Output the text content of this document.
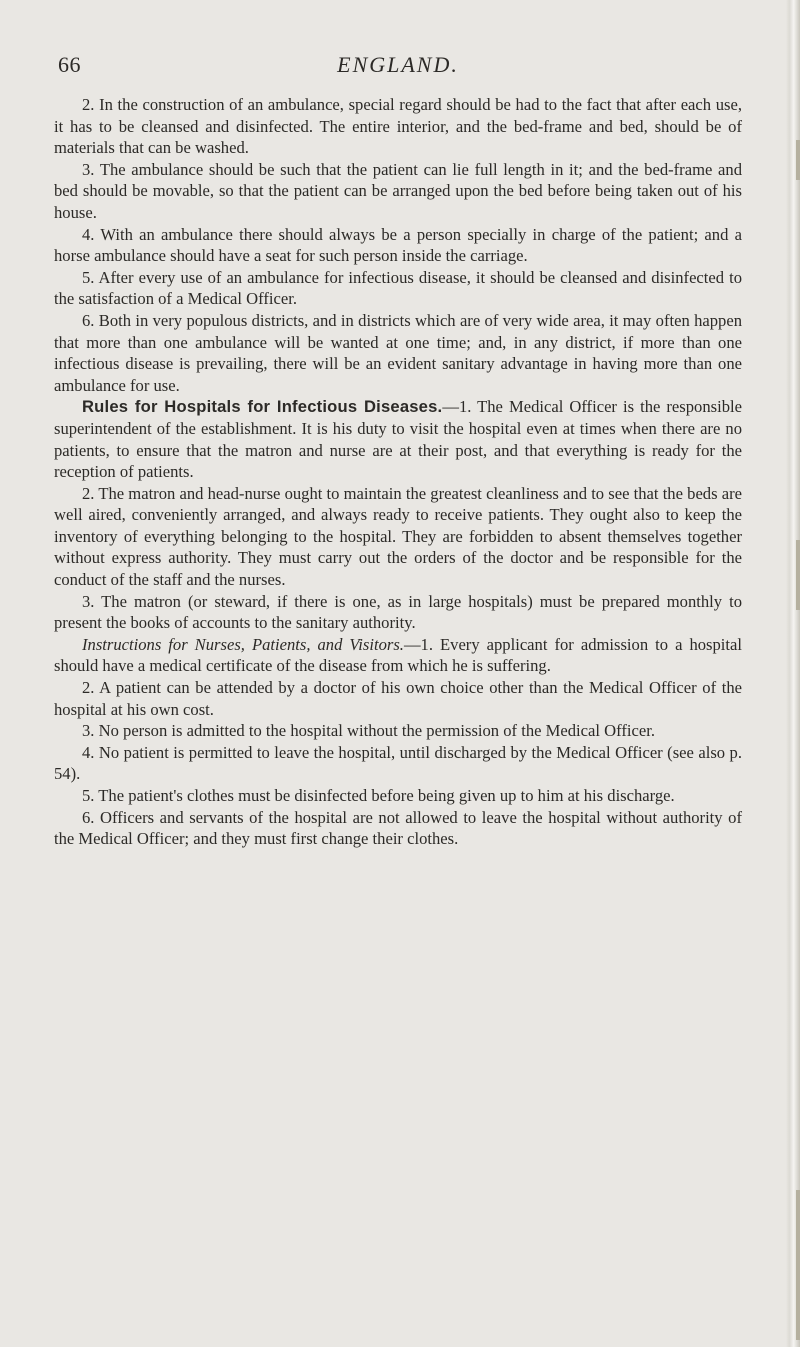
66	ENGLAND.

2. In the construction of an ambulance, special regard should be had to the fact that after each use, it has to be cleansed and disinfected. The entire interior, and the bed-frame and bed, should be of materials that can be washed.

3. The ambulance should be such that the patient can lie full length in it; and the bed-frame and bed should be movable, so that the patient can be arranged upon the bed before being taken out of his house.

4. With an ambulance there should always be a person specially in charge of the patient; and a horse ambulance should have a seat for such person inside the carriage.

5. After every use of an ambulance for infectious disease, it should be cleansed and disinfected to the satisfaction of a Medical Officer.

6. Both in very populous districts, and in districts which are of very wide area, it may often happen that more than one ambulance will be wanted at one time; and, in any district, if more than one infectious disease is prevailing, there will be an evident sanitary advantage in having more than one ambulance for use.

Rules for Hospitals for Infectious Diseases.—1. The Medical Officer is the responsible superintendent of the establishment. It is his duty to visit the hospital even at times when there are no patients, to ensure that the matron and nurse are at their post, and that everything is ready for the reception of patients.

2. The matron and head-nurse ought to maintain the greatest cleanliness and to see that the beds are well aired, conveniently arranged, and always ready to receive patients. They ought also to keep the inventory of everything belonging to the hospital. They are forbidden to absent themselves together without express authority. They must carry out the orders of the doctor and be responsible for the conduct of the staff and the nurses.

3. The matron (or steward, if there is one, as in large hospitals) must be prepared monthly to present the books of accounts to the sanitary authority.

Instructions for Nurses, Patients, and Visitors.—1. Every applicant for admission to a hospital should have a medical certificate of the disease from which he is suffering.

2. A patient can be attended by a doctor of his own choice other than the Medical Officer of the hospital at his own cost.

3. No person is admitted to the hospital without the permission of the Medical Officer.

4. No patient is permitted to leave the hospital, until discharged by the Medical Officer (see also p. 54).

5. The patient's clothes must be disinfected before being given up to him at his discharge.

6. Officers and servants of the hospital are not allowed to leave the hospital without authority of the Medical Officer; and they must first change their clothes.
